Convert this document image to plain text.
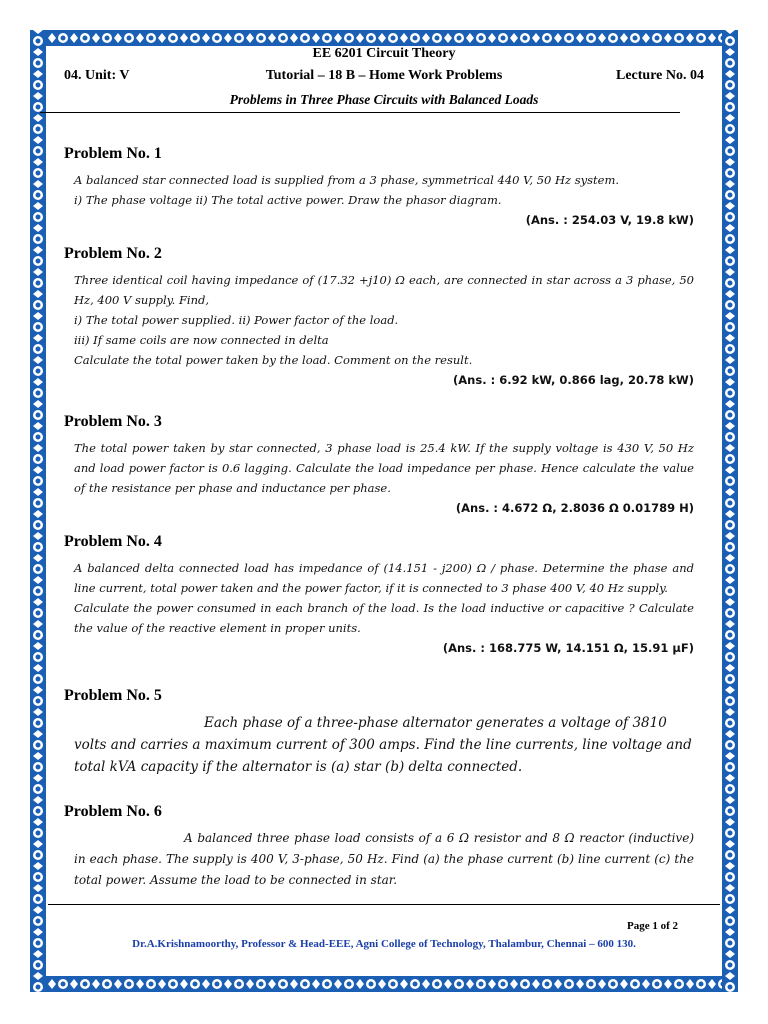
EE 6201 Circuit Theory
Tutorial – 18 B – Home Work Problems
04. Unit: V	Lecture No. 04
Problems in Three Phase Circuits with Balanced Loads
Problem No. 1

A balanced star connected load is supplied from a 3 phase, symmetrical 440 V, 50 Hz system.

i) The phase voltage ii) The total active power. Draw the phasor diagram.

(Ans. : 254.03 V, 19.8 kW)
Problem No. 2

Three identical coil having impedance of (17.32 +j10) Ω each, are connected in star across a 3 phase, 50 Hz, 400 V supply. Find,

i) The total power supplied. ii) Power factor of the load.

iii) If same coils are now connected in delta

Calculate the total power taken by the load. Comment on the result.

(Ans. : 6.92 kW, 0.866 lag, 20.78 kW)
Problem No. 3

The total power taken by star connected, 3 phase load is 25.4 kW. If the supply voltage is 430 V, 50 Hz and load power factor is 0.6 lagging. Calculate the load impedance per phase. Hence calculate the value of the resistance per phase and inductance per phase.

(Ans. : 4.672 Ω, 2.8036 Ω 0.01789 H)
Problem No. 4

A balanced delta connected load has impedance of (14.151 - j200) Ω / phase. Determine the phase and line current, total power taken and the power factor, if it is connected to 3 phase 400 V, 40 Hz supply.

Calculate the power consumed in each branch of the load. Is the load inductive or capacitive ? Calculate the value of the reactive element in proper units.

(Ans. : 168.775 W, 14.151 Ω, 15.91 μF)
Problem No. 5
Each phase of a three-phase alternator generates a voltage of 3810 volts and carries a maximum current of 300 amps. Find the line currents, line voltage and total kVA capacity if the alternator is (a) star (b) delta connected.
Problem No. 6
A balanced three phase load consists of a 6 Ω resistor and 8 Ω reactor (inductive) in each phase. The supply is 400 V, 3-phase, 50 Hz. Find (a) the phase current (b) line current (c) the total power. Assume the load to be connected in star.
Page 1 of 2
Dr.A.Krishnamoorthy, Professor & Head-EEE, Agni College of Technology, Thalambur, Chennai – 600 130.
